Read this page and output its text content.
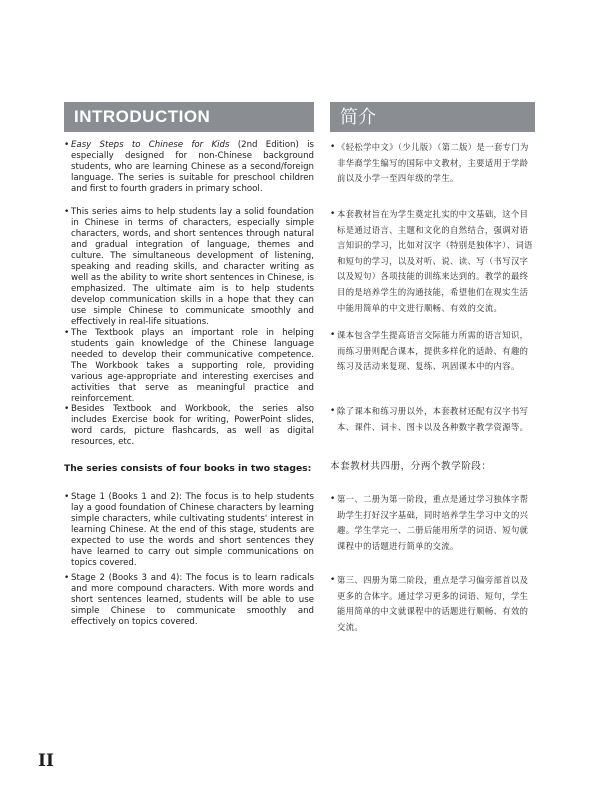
INTRODUCTION	简介
• Easy Steps to Chinese for Kids (2nd Edition) is especially designed for non-Chinese background students, who are learning Chinese as a second/foreign language. The series is suitable for preschool children and first to fourth graders in primary school.
• This series aims to help students lay a solid foundation in Chinese in terms of characters, especially simple characters, words, and short sentences through natural and gradual integration of language, themes and culture. The simultaneous development of listening, speaking and reading skills, and character writing as well as the ability to write short sentences in Chinese, is emphasized. The ultimate aim is to help students develop communication skills in a hope that they can use simple Chinese to communicate smoothly and effectively in real-life situations.
• The Textbook plays an important role in helping students gain knowledge of the Chinese language needed to develop their communicative competence. The Workbook takes a supporting role, providing various age-appropriate and interesting exercises and activities that serve as meaningful practice and reinforcement.
• Besides Textbook and Workbook, the series also includes Exercise book for writing, PowerPoint slides, word cards, picture flashcards, as well as digital resources, etc.
The series consists of four books in two stages:
• Stage 1 (Books 1 and 2): The focus is to help students lay a good foundation of Chinese characters by learning simple characters, while cultivating students' interest in learning Chinese. At the end of this stage, students are expected to use the words and short sentences they have learned to carry out simple communications on topics covered.
• Stage 2 (Books 3 and 4): The focus is to learn radicals and more compound characters. With more words and short sentences learned, students will be able to use simple Chinese to communicate smoothly and effectively on topics covered.
• 《轻松学中文》（少儿版）（第二版）是一套专门为非华裔学生编写的国际中文教材，主要适用于学龄前以及小学一至四年级的学生。
• 本套教材旨在为学生奠定扎实的中文基础，这个目标是通过语言、主题和文化的自然结合，强调对语言知识的学习，比如对汉字（特别是独体字）、词语和短句的学习，以及对听、说、读、写（书写汉字以及短句）各项技能的训练来达到的。教学的最终目的是培养学生的沟通技能，希望他们在现实生活中能用简单的中文进行顺畅、有效的交流。
• 课本包含学生提高语言交际能力所需的语言知识，而练习册则配合课本，提供多样化的适龄、有趣的练习及活动来复现、复练、巩固课本中的内容。
• 除了课本和练习册以外，本套教材还配有汉字书写本、课件、词卡、图卡以及各种数字教学资源等。
本套教材共四册，分两个教学阶段：
• 第一、二册为第一阶段，重点是通过学习独体字帮助学生打好汉字基础，同时培养学生学习中文的兴趣。学生学完一、二册后能用所学的词语、短句就课程中的话题进行简单的交流。
• 第三、四册为第二阶段，重点是学习偏旁部首以及更多的合体字。通过学习更多的词语、短句，学生能用简单的中文就课程中的话题进行顺畅、有效的交流。
II
